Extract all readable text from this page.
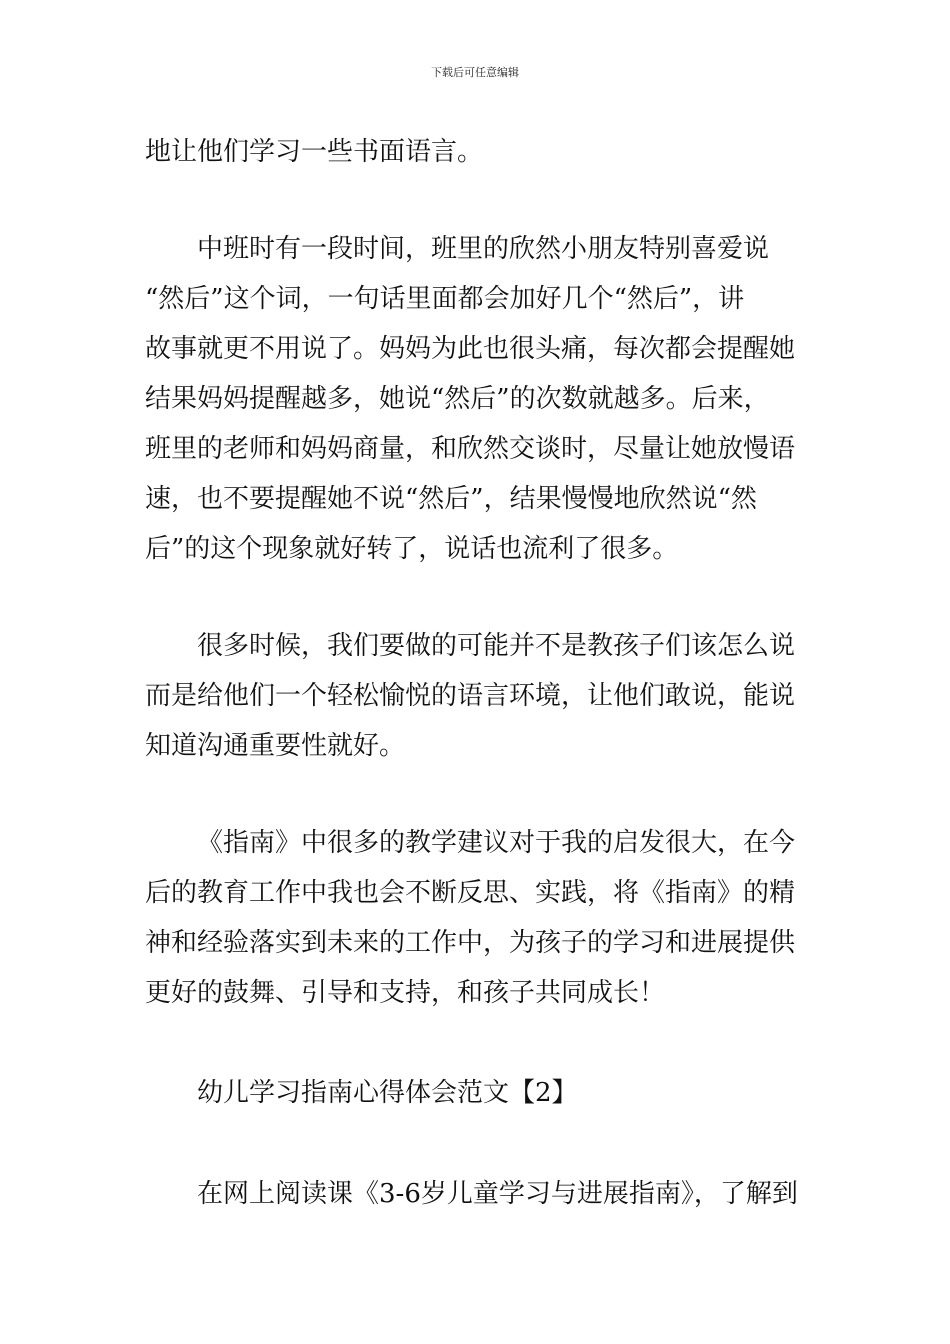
下载后可任意编辑
地让他们学习一些书面语言。
中班时有一段时间，班里的欣然小朋友特别喜爱说
“然后”这个词，一句话里面都会加好几个“然后”，讲
故事就更不用说了。妈妈为此也很头痛，每次都会提醒她
结果妈妈提醒越多，她说“然后”的次数就越多。后来，
班里的老师和妈妈商量，和欣然交谈时，尽量让她放慢语
速，也不要提醒她不说“然后”，结果慢慢地欣然说“然
后”的这个现象就好转了，说话也流利了很多。
很多时候，我们要做的可能并不是教孩子们该怎么说
而是给他们一个轻松愉悦的语言环境，让他们敢说，能说
知道沟通重要性就好。
《指南》中很多的教学建议对于我的启发很大，在今
后的教育工作中我也会不断反思、实践，将《指南》的精
神和经验落实到未来的工作中，为孩子的学习和进展提供
更好的鼓舞、引导和支持，和孩子共同成长！
幼儿学习指南心得体会范文【2】
在网上阅读课《3-6岁儿童学习与进展指南》，了解到
